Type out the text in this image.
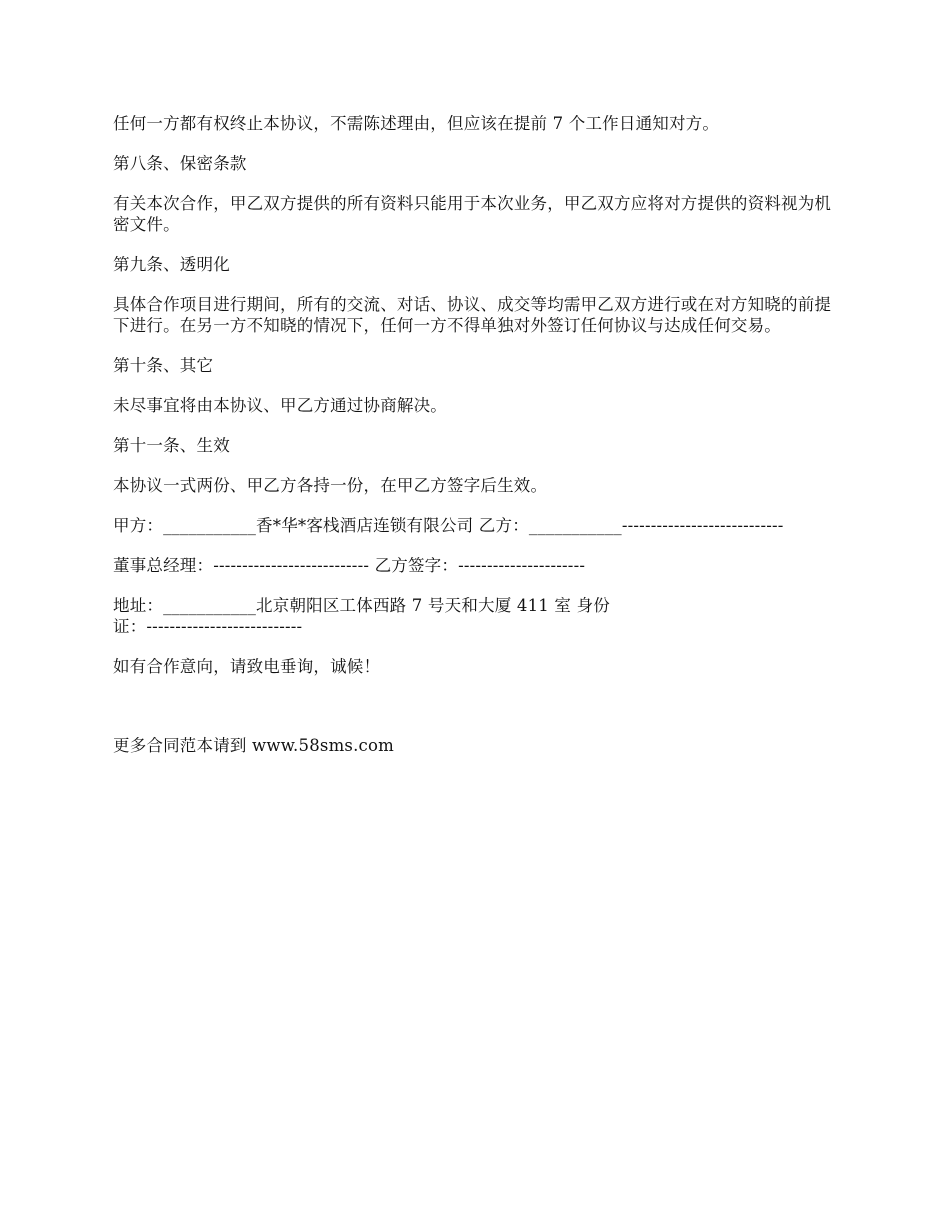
任何一方都有权终止本协议，不需陈述理由，但应该在提前 7 个工作日通知对方。

第八条、保密条款

有关本次合作，甲乙双方提供的所有资料只能用于本次业务，甲乙双方应将对方提供的资料视为机密文件。

第九条、透明化

具体合作项目进行期间，所有的交流、对话、协议、成交等均需甲乙双方进行或在对方知晓的前提下进行。在另一方不知晓的情况下，任何一方不得单独对外签订任何协议与达成任何交易。

第十条、其它

未尽事宜将由本协议、甲乙方通过协商解决。

第十一条、生效

本协议一式两份、甲乙方各持一份，在甲乙方签字后生效。

甲方：___________香*华*客栈酒店连锁有限公司 乙方：___________----------------------------

董事总经理：--------------------------- 乙方签字：----------------------

地址：___________北京朝阳区工体西路 7 号天和大厦 411 室 身份
证：---------------------------

如有合作意向，请致电垂询，诚候！

更多合同范本请到 www.58sms.com
